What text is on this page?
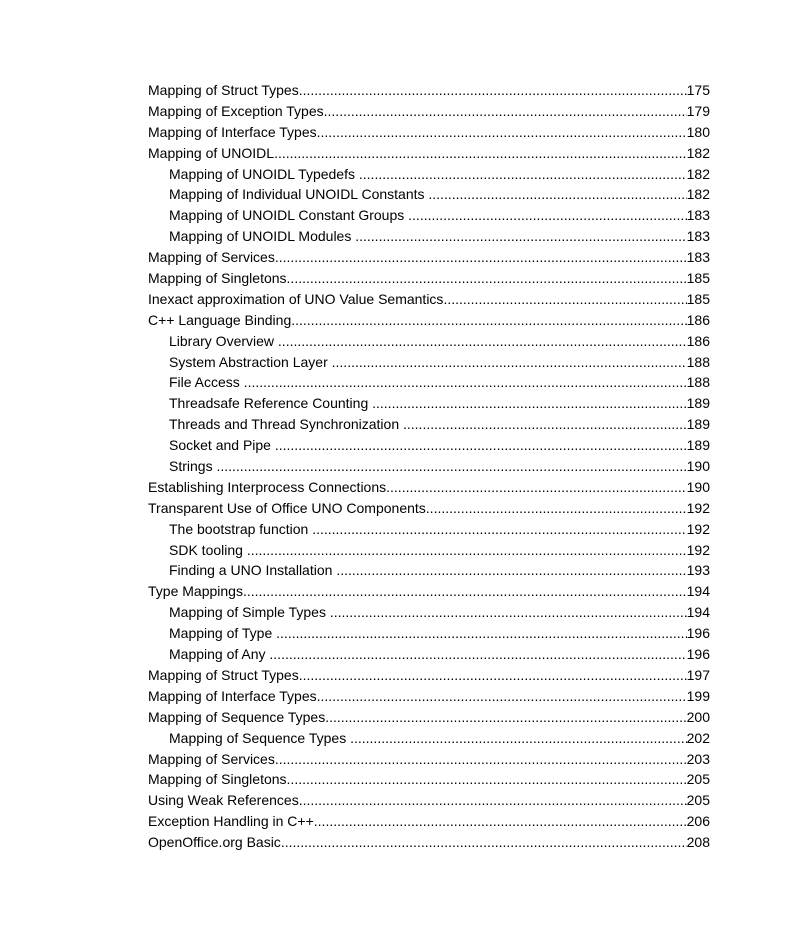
Mapping of Struct Types .....	175
Mapping of Exception Types .....	179
Mapping of Interface Types .....	180
Mapping of UNOIDL .....	182
Mapping of UNOIDL Typedefs .....	182
Mapping of Individual UNOIDL Constants .....	182
Mapping of UNOIDL Constant Groups .....	183
Mapping of UNOIDL Modules .....	183
Mapping of Services .....	183
Mapping of Singletons .....	185
Inexact approximation of UNO Value Semantics .....	185
C++ Language Binding .....	186
Library Overview .....	186
System Abstraction Layer .....	188
File Access .....	188
Threadsafe Reference Counting .....	189
Threads and Thread Synchronization .....	189
Socket and Pipe .....	189
Strings .....	190
Establishing Interprocess Connections .....	190
Transparent Use of Office UNO Components .....	192
The bootstrap function .....	192
SDK tooling .....	192
Finding a UNO Installation .....	193
Type Mappings .....	194
Mapping of Simple Types .....	194
Mapping of Type .....	196
Mapping of Any .....	196
Mapping of Struct Types .....	197
Mapping of Interface Types .....	199
Mapping of Sequence Types .....	200
Mapping of Sequence Types .....	202
Mapping of Services .....	203
Mapping of Singletons .....	205
Using Weak References .....	205
Exception Handling in C++ .....	206
OpenOffice.org Basic .....	208
